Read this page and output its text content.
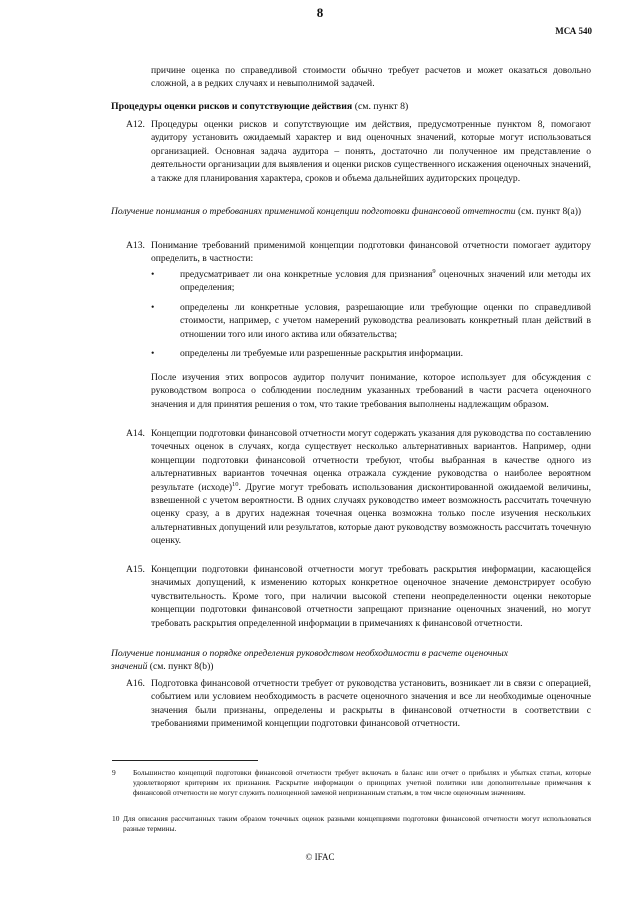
8
МСА 540

причине оценка по справедливой стоимости обычно требует расчетов и может оказаться довольно сложной, а в редких случаях и невыполнимой задачей.

Процедуры оценки рисков и сопутствующие действия (см. пункт 8)
A12. Процедуры оценки рисков и сопутствующие им действия, предусмотренные пунктом 8, помогают аудитору установить ожидаемый характер и вид оценочных значений, которые могут использоваться организацией. Основная задача аудитора – понять, достаточно ли полученное им представление о деятельности организации для выявления и оценки рисков существенного искажения оценочных значений, а также для планирования характера, сроков и объема дальнейших аудиторских процедур.

Получение понимания о требованиях применимой концепции подготовки финансовой отчетности (см. пункт 8(a))
A13. Понимание требований применимой концепции подготовки финансовой отчетности помогает аудитору определить, в частности:

•	предусматривает ли она конкретные условия для признания$^9$ оценочных значений или методы их определения;

•	определены ли конкретные условия, разрешающие или требующие оценки по справедливой стоимости, например, с учетом намерений руководства реализовать конкретный план действий в отношении того или иного актива или обязательства;

•	определены ли требуемые или разрешенные раскрытия информации.

После изучения этих вопросов аудитор получит понимание, которое использует для обсуждения с руководством вопроса о соблюдении последним указанных требований в части расчета оценочного значения и для принятия решения о том, что такие требования выполнены надлежащим образом.

A14. Концепции подготовки финансовой отчетности могут содержать указания для руководства по составлению точечных оценок в случаях, когда существует несколько альтернативных вариантов. Например, одни концепции подготовки финансовой отчетности требуют, чтобы выбранная в качестве одного из альтернативных вариантов точечная оценка отражала суждение руководства о наиболее вероятном результате (исходе)$^{10}$. Другие могут требовать использования дисконтированной ожидаемой величины, взвешенной с учетом вероятности. В одних случаях руководство имеет возможность рассчитать точечную оценку сразу, а в других надежная точечная оценка возможна только после изучения нескольких альтернативных допущений или результатов, которые дают руководству возможность рассчитать точечную оценку.

A15. Концепции подготовки финансовой отчетности могут требовать раскрытия информации, касающейся значимых допущений, к изменению которых конкретное оценочное значение демонстрирует особую чувствительность. Кроме того, при наличии высокой степени неопределенности оценки некоторые концепции подготовки финансовой отчетности запрещают признание оценочных значений, но могут требовать раскрытия определенной информации в примечаниях к финансовой отчетности.

Получение понимания о порядке определения руководством необходимости в расчете оценочных
значений (см. пункт 8(b))
A16. Подготовка финансовой отчетности требует от руководства установить, возникает ли в связи с операцией, событием или условием необходимость в расчете оценочного значения и все ли необходимые оценочные значения были признаны, определены и раскрыты в финансовой отчетности в соответствии с требованиями применимой концепции подготовки финансовой отчетности.

9 Большинство концепций подготовки финансовой отчетности требует включать в баланс или отчет о прибылях и убытках статьи, которые удовлетворяют критериям их признания. Раскрытие информации о принципах учетной политики или дополнительные примечания к финансовой отчетности не могут служить полноценной заменой непризнанным статьям, в том числе оценочным значениям.

10 Для описания рассчитанных таким образом точечных оценок разными концепциями подготовки финансовой отчетности могут использоваться разные термины.

© IFAC
